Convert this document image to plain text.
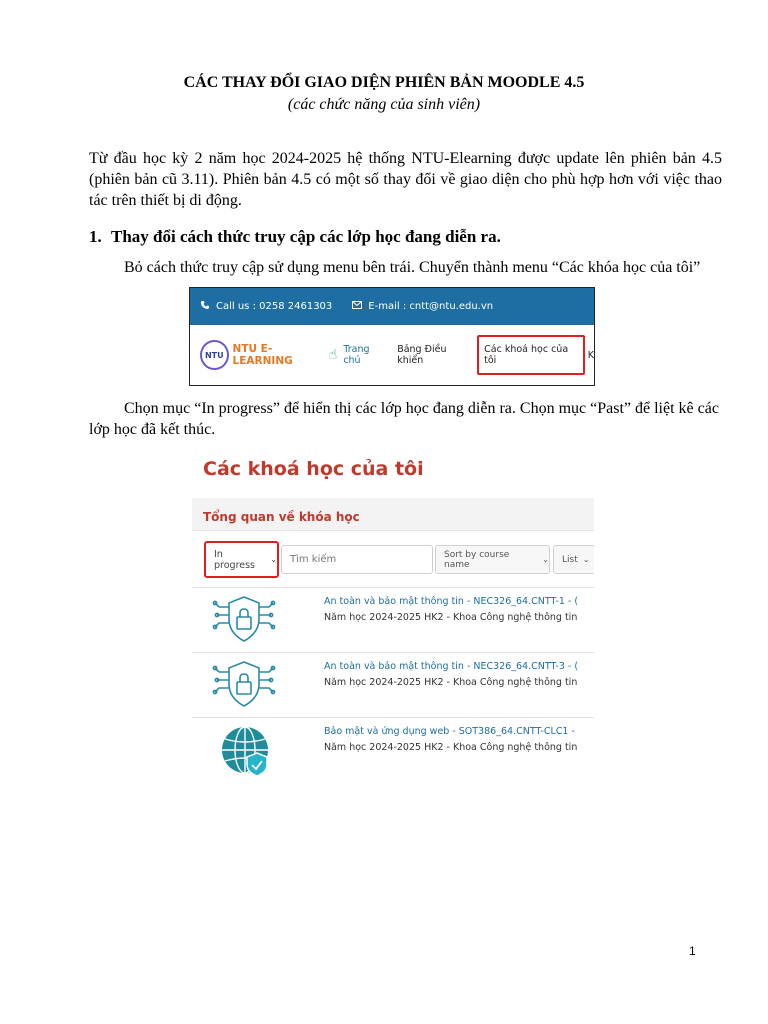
CÁC THAY ĐỔI GIAO DIỆN PHIÊN BẢN MOODLE 4.5
(các chức năng của sinh viên)
Từ đầu học kỳ 2 năm học 2024-2025 hệ thống NTU-Elearning được update lên phiên bản 4.5 (phiên bản cũ 3.11). Phiên bản 4.5 có một số thay đổi về giao diện cho phù hợp hơn với việc thao tác trên thiết bị di động.
1. Thay đổi cách thức truy cập các lớp học đang diễn ra.
Bỏ cách thức truy cập sử dụng menu bên trái. Chuyển thành menu “Các khóa học của tôi”
Call us : 0258 2461303	E-mail : cntt@ntu.edu.vn
NTU NTU E-LEARNING	☝ Trang chủ
Bảng Điều khiển
Các khoá học của tôi	K
Chọn mục “In progress” để hiển thị các lớp học đang diễn ra. Chọn mục “Past” để liệt kê các lớp học đã kết thúc.
Các khoá học của tôi
Tổng quan về khóa học
In progress	⌄	Tìm kiếm	Sort by course name	⌄ List ⌄
An toàn và bảo mật thông tin - NEC326_64.CNTT-1 - (
Năm học 2024-2025 HK2 - Khoa Công nghệ thông tin
An toàn và bảo mật thông tin - NEC326_64.CNTT-3 - (
Năm học 2024-2025 HK2 - Khoa Công nghệ thông tin
Bảo mật và ứng dụng web - SOT386_64.CNTT-CLC1 -
Năm học 2024-2025 HK2 - Khoa Công nghệ thông tin
1
